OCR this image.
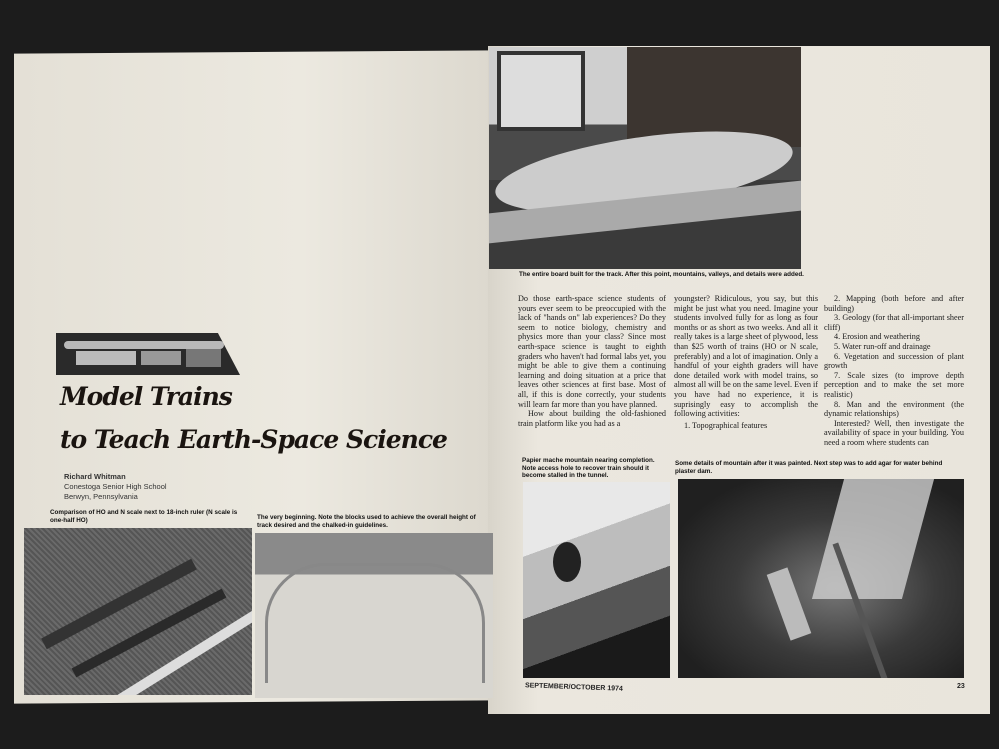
Model Trains
to Teach Earth-Space Science
Richard Whitman
Conestoga Senior High School
Berwyn, Pennsylvania
Comparison of HO and N scale next to 18-inch ruler (N scale is one-half HO)	The very beginning. Note the blocks used to achieve the overall height of track desired and the chalked-in guidelines.
The entire board built for the track. After this point, mountains, valleys, and details were added.

Do those earth-space science students of yours ever seem to be preoccupied with the lack of "hands on" lab experiences? Do they seem to notice biology, chemistry and physics more than your class? Since most earth-space science is taught to eighth graders who haven't had formal labs yet, you might be able to give them a continuing learning and doing situation at a price that leaves other sciences at first base. Most of all, if this is done correctly, your students will learn far more than you have planned.

How about building the old-fashioned train platform like you had as a

youngster? Ridiculous, you say, but this might be just what you need. Imagine your students involved fully for as long as four months or as short as two weeks. And all it really takes is a large sheet of plywood, less than $25 worth of trains (HO or N scale, preferably) and a lot of imagination. Only a handful of your eighth graders will have done detailed work with model trains, so almost all will be on the same level. Even if you have had no experience, it is suprisingly easy to accomplish the following activities:

1. Topographical features

2. Mapping (both before and after building)

3. Geology (for that all-important sheer cliff)

4. Erosion and weathering

5. Water run-off and drainage

6. Vegetation and succession of plant growth

7. Scale sizes (to improve depth perception and to make the set more realistic)

8. Man and the environment (the dynamic relationships)

Interested? Well, then investigate the availability of space in your building. You need a room where students can

Papier mache mountain nearing completion. Note access hole to recover train should it become stalled in the tunnel.
Some details of mountain after it was painted. Next step was to add agar for water behind plaster dam.
SEPTEMBER/OCTOBER 1974	23
